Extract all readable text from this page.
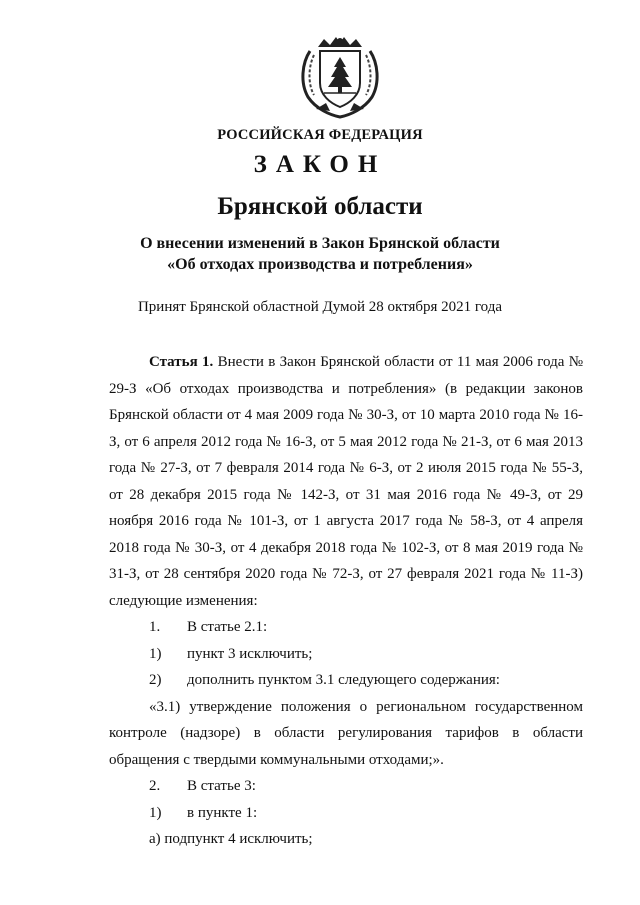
РОССИЙСКАЯ ФЕДЕРАЦИЯ
ЗАКОН
Брянской области
О внесении изменений в Закон Брянской области
«Об отходах производства и потребления»
Принят Брянской областной Думой 28 октября 2021 года

Статья 1. Внести в Закон Брянской области от 11 мая 2006 года № 29-З «Об отходах производства и потребления» (в редакции законов Брянской области от 4 мая 2009 года № 30-З, от 10 марта 2010 года № 16-З, от 6 апреля 2012 года № 16-З, от 5 мая 2012 года № 21-З, от 6 мая 2013 года № 27-З, от 7 февраля 2014 года № 6-З, от 2 июля 2015 года № 55-З, от 28 декабря 2015 года № 142-З, от 31 мая 2016 года № 49-З, от 29 ноября 2016 года № 101-З, от 1 августа 2017 года № 58-З, от 4 апреля 2018 года № 30-З, от 4 декабря 2018 года № 102-З, от 8 мая 2019 года № 31-З, от 28 сентября 2020 года № 72-З, от 27 февраля 2021 года № 11-З) следующие изменения:

1.	В статье 2.1:
1)	пункт 3 исключить;
2)	дополнить пунктом 3.1 следующего содержания:

«3.1) утверждение положения о региональном государственном контроле (надзоре) в области регулирования тарифов в области обращения с твердыми коммунальными отходами;».

2.	В статье 3:
1)	в пункте 1:
а) подпункт 4 исключить;
